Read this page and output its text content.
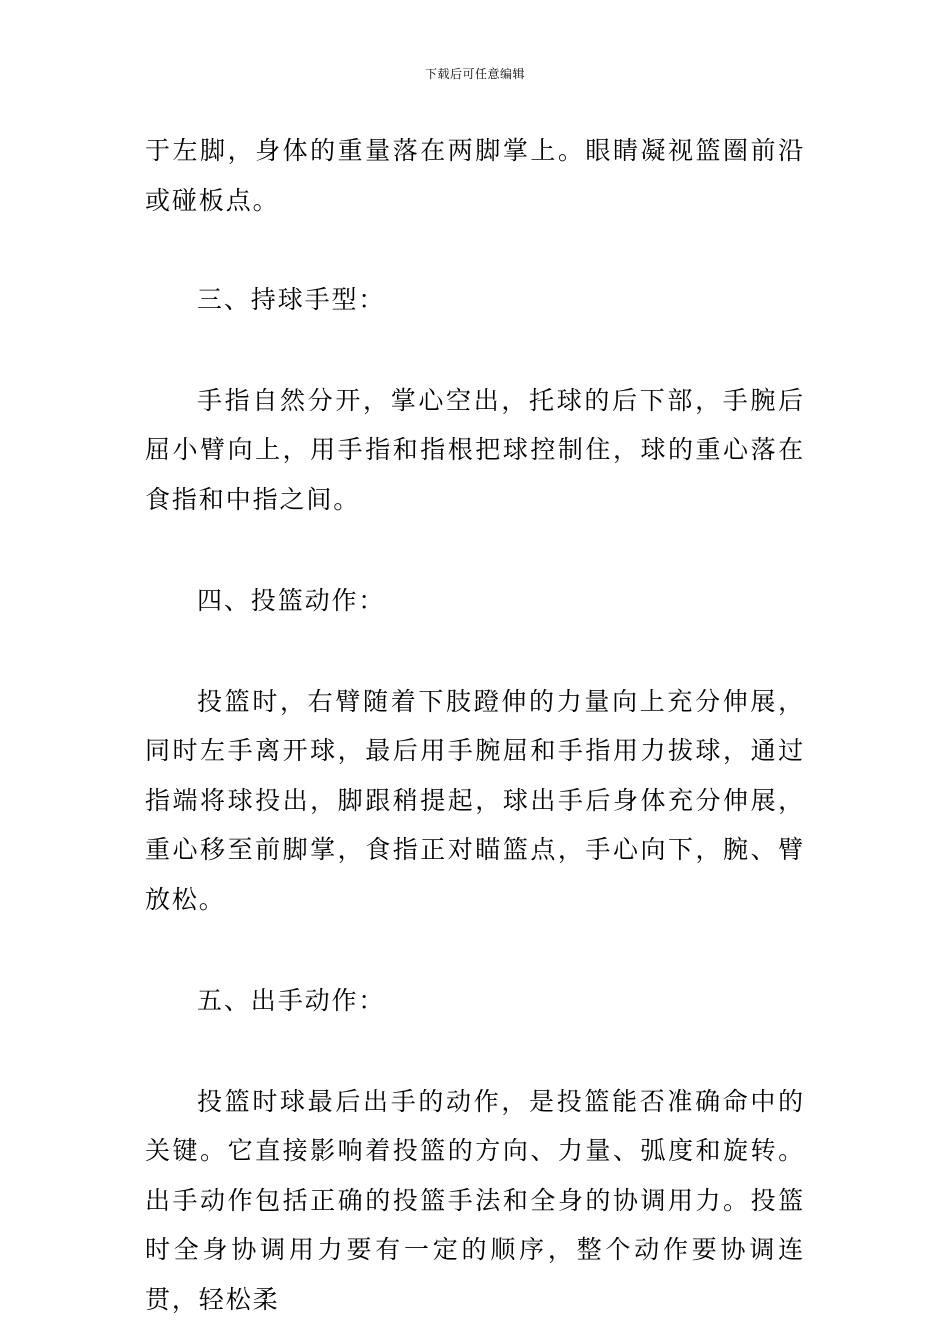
下载后可任意编辑

于左脚，身体的重量落在两脚掌上。眼睛凝视篮圈前沿或碰板点。

三、持球手型：

手指自然分开，掌心空出，托球的后下部，手腕后屈小臂向上，用手指和指根把球控制住，球的重心落在食指和中指之间。

四、投篮动作：

投篮时，右臂随着下肢蹬伸的力量向上充分伸展，同时左手离开球，最后用手腕屈和手指用力拔球，通过指端将球投出，脚跟稍提起，球出手后身体充分伸展，重心移至前脚掌，食指正对瞄篮点，手心向下，腕、臂放松。

五、出手动作：

投篮时球最后出手的动作，是投篮能否准确命中的关键。它直接影响着投篮的方向、力量、弧度和旋转。出手动作包括正确的投篮手法和全身的协调用力。投篮时全身协调用力要有一定的顺序，整个动作要协调连贯，轻松柔
